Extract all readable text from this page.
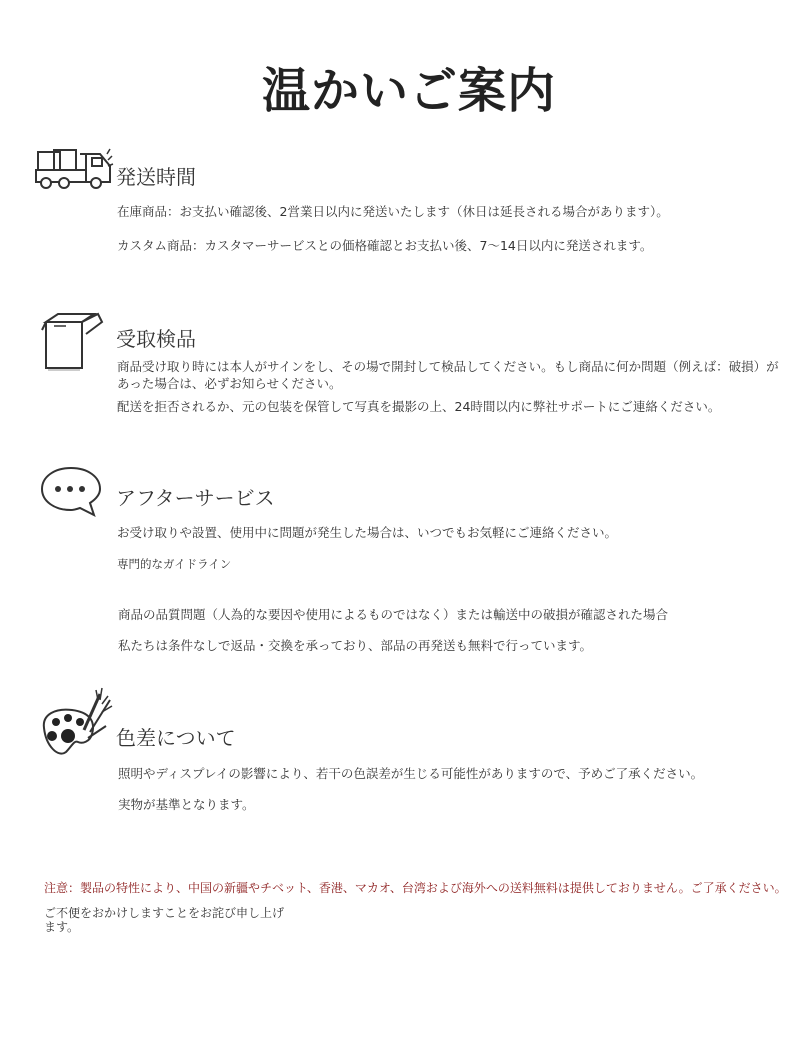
温かいご案内
発送時間
在庫商品：お支払い確認後、2営業日以内に発送いたします（休日は延長される場合があります）。
カスタム商品：カスタマーサービスとの価格確認とお支払い後、7〜14日以内に発送されます。
受取検品
商品受け取り時には本人がサインをし、その場で開封して検品してください。もし商品に何か問題（例えば：破損）が
あった場合は、必ずお知らせください。
配送を拒否されるか、元の包装を保管して写真を撮影の上、24時間以内に弊社サポートにご連絡ください。
アフターサービス
お受け取りや設置、使用中に問題が発生した場合は、いつでもお気軽にご連絡ください。
専門的なガイドライン
商品の品質問題（人為的な要因や使用によるものではなく）または輸送中の破損が確認された場合
私たちは条件なしで返品・交換を承っており、部品の再発送も無料で行っています。
色差について
照明やディスプレイの影響により、若干の色誤差が生じる可能性がありますので、予めご了承ください。
実物が基準となります。
注意：製品の特性により、中国の新疆やチベット、香港、マカオ、台湾および海外への送料無料は提供しておりません。ご了承ください。
ご不便をおかけしますことをお詫び申し上げます。
